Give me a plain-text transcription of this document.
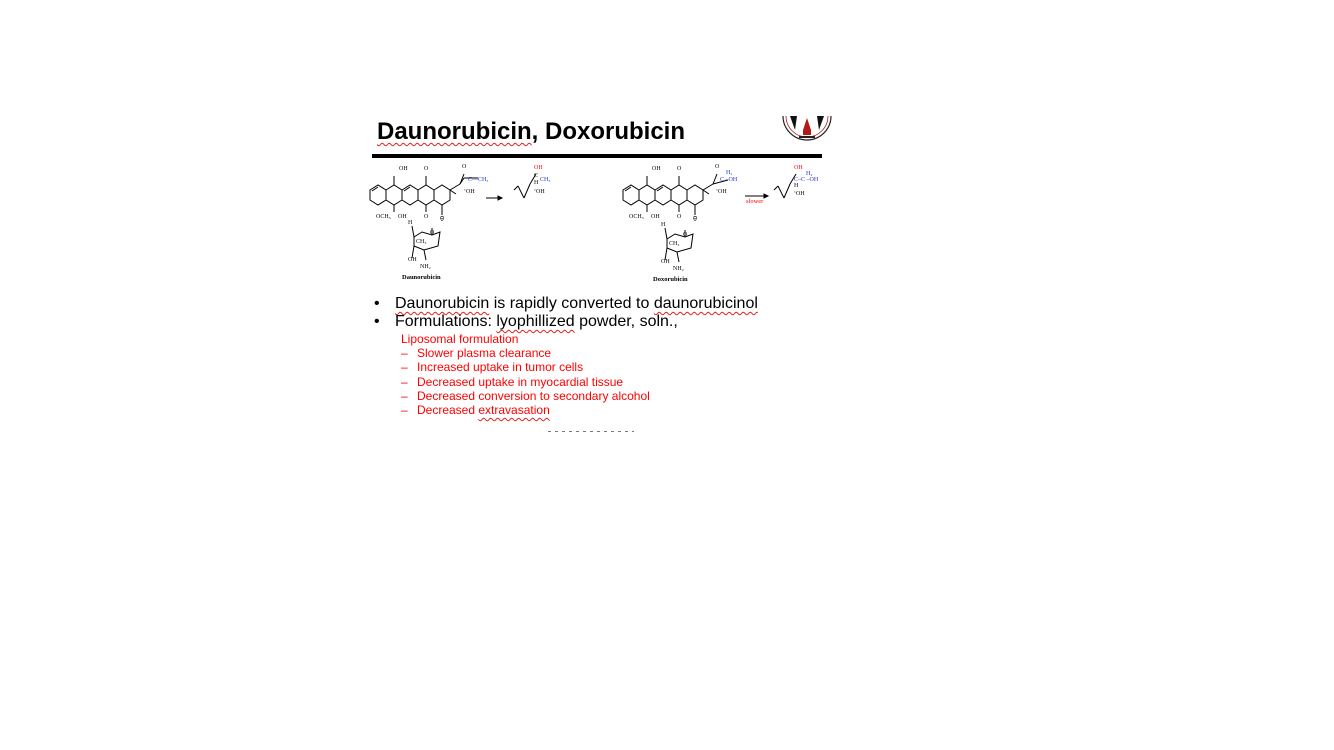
Daunorubicin, Doxorubicin
OH
OH
O
O
OCH₃
O
ʻOH
O
H
CH₃
O
OH
NH₂
OH
C
H
ʻOH
C—CH₃	CH₃
Daunorubicin
OH
OH
O
O
OCH₃
O
ʻOH
O
H
CH₃
O
OH
NH₂
H₂
C –OH
OH
H₂
C–C –OH
H
ʻOH
slower
Doxorubicin
• Daunorubicin is rapidly converted to daunorubicinol
• Formulations: lyophillized powder, soln.,
Liposomal formulation
– Slower plasma clearance
– Increased uptake in tumor cells
– Decreased uptake in myocardial tissue
– Decreased conversion to secondary alcohol
– Decreased extravasation
